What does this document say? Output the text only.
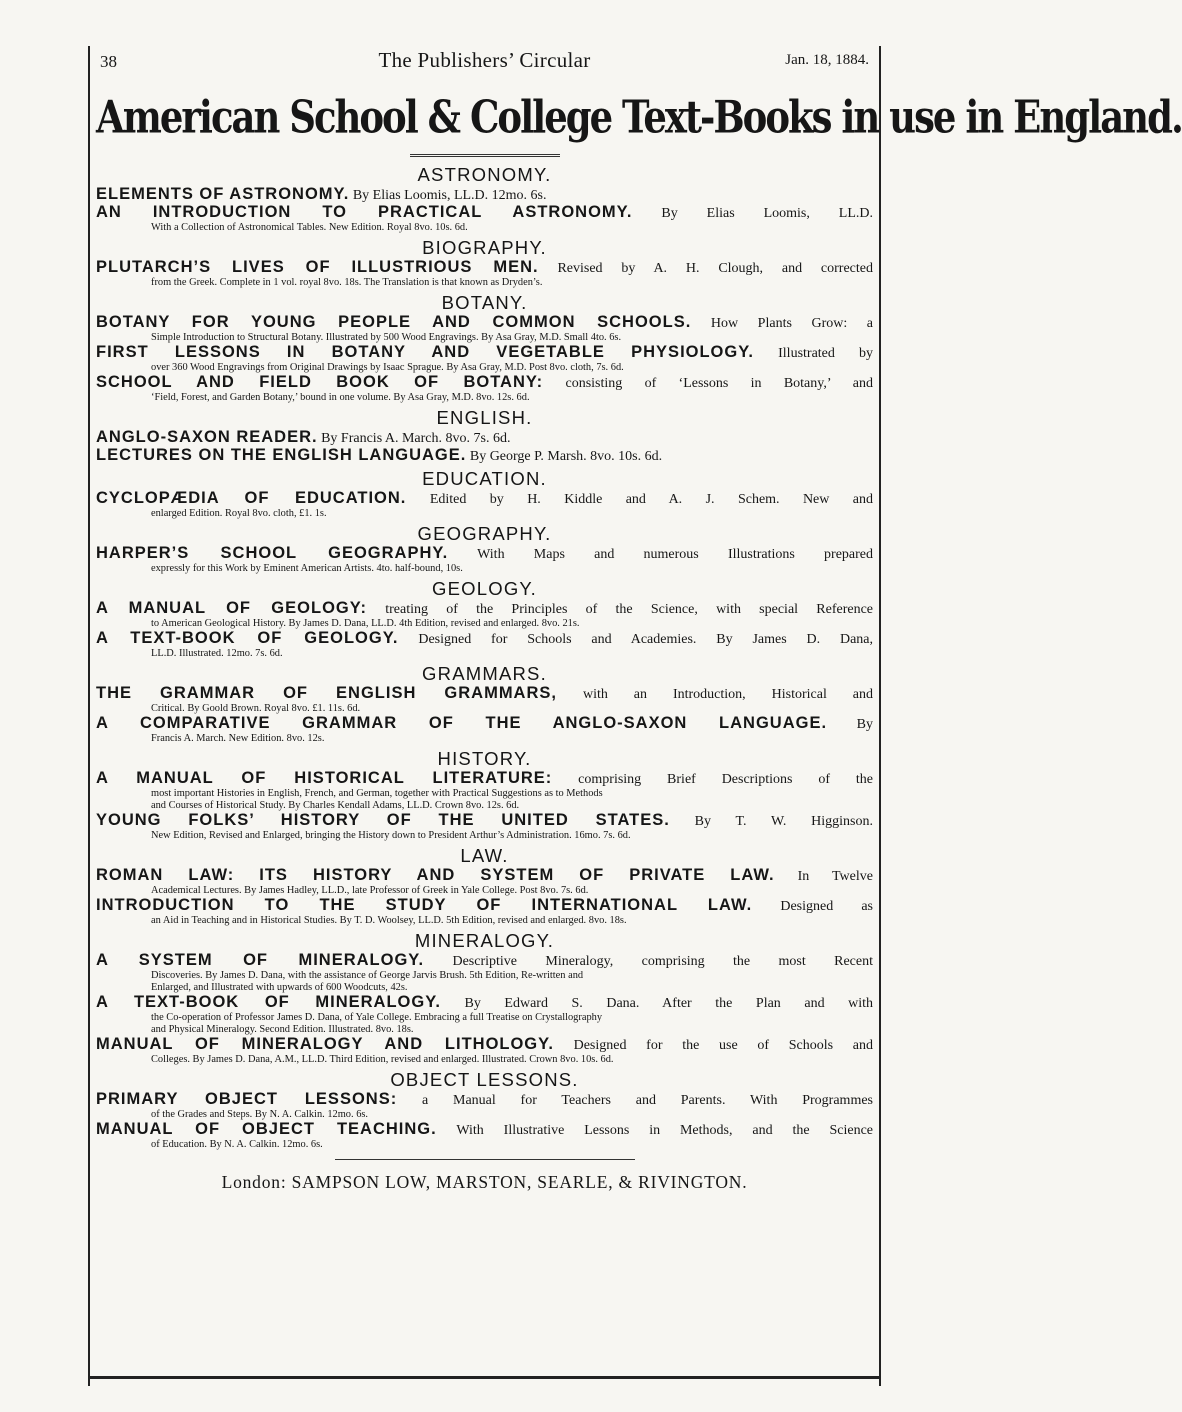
38	The Publishers’ Circular	Jan. 18, 1884.
American School & College Text-Books in use in England.
ASTRONOMY.
ELEMENTS OF ASTRONOMY. By Elias Loomis, LL.D. 12mo. 6s.
AN INTRODUCTION TO PRACTICAL ASTRONOMY. By Elias Loomis, LL.D.
With a Collection of Astronomical Tables. New Edition. Royal 8vo. 10s. 6d.
BIOGRAPHY.
PLUTARCH’S LIVES OF ILLUSTRIOUS MEN. Revised by A. H. Clough, and corrected
from the Greek. Complete in 1 vol. royal 8vo. 18s. The Translation is that known as Dryden’s.
BOTANY.
BOTANY FOR YOUNG PEOPLE AND COMMON SCHOOLS. How Plants Grow: a
Simple Introduction to Structural Botany. Illustrated by 500 Wood Engravings. By Asa Gray, M.D. Small 4to. 6s.
FIRST LESSONS IN BOTANY AND VEGETABLE PHYSIOLOGY. Illustrated by
over 360 Wood Engravings from Original Drawings by Isaac Sprague. By Asa Gray, M.D. Post 8vo. cloth, 7s. 6d.
SCHOOL AND FIELD BOOK OF BOTANY: consisting of ‘Lessons in Botany,’ and
‘Field, Forest, and Garden Botany,’ bound in one volume. By Asa Gray, M.D. 8vo. 12s. 6d.
ENGLISH.
ANGLO-SAXON READER. By Francis A. March. 8vo. 7s. 6d.
LECTURES ON THE ENGLISH LANGUAGE. By George P. Marsh. 8vo. 10s. 6d.
EDUCATION.
CYCLOPÆDIA OF EDUCATION. Edited by H. Kiddle and A. J. Schem. New and
enlarged Edition. Royal 8vo. cloth, £1. 1s.
GEOGRAPHY.
HARPER’S SCHOOL GEOGRAPHY. With Maps and numerous Illustrations prepared
expressly for this Work by Eminent American Artists. 4to. half-bound, 10s.
GEOLOGY.
A MANUAL OF GEOLOGY: treating of the Principles of the Science, with special Reference
to American Geological History. By James D. Dana, LL.D. 4th Edition, revised and enlarged. 8vo. 21s.
A TEXT-BOOK OF GEOLOGY. Designed for Schools and Academies. By James D. Dana,
LL.D. Illustrated. 12mo. 7s. 6d.
GRAMMARS.
THE GRAMMAR OF ENGLISH GRAMMARS, with an Introduction, Historical and
Critical. By Goold Brown. Royal 8vo. £1. 11s. 6d.
A COMPARATIVE GRAMMAR OF THE ANGLO-SAXON LANGUAGE. By
Francis A. March. New Edition. 8vo. 12s.
HISTORY.
A MANUAL OF HISTORICAL LITERATURE: comprising Brief Descriptions of the
most important Histories in English, French, and German, together with Practical Suggestions as to Methods
and Courses of Historical Study. By Charles Kendall Adams, LL.D. Crown 8vo. 12s. 6d.
YOUNG FOLKS’ HISTORY OF THE UNITED STATES. By T. W. Higginson.
New Edition, Revised and Enlarged, bringing the History down to President Arthur’s Administration. 16mo. 7s. 6d.
LAW.
ROMAN LAW: ITS HISTORY AND SYSTEM OF PRIVATE LAW. In Twelve
Academical Lectures. By James Hadley, LL.D., late Professor of Greek in Yale College. Post 8vo. 7s. 6d.
INTRODUCTION TO THE STUDY OF INTERNATIONAL LAW. Designed as
an Aid in Teaching and in Historical Studies. By T. D. Woolsey, LL.D. 5th Edition, revised and enlarged. 8vo. 18s.
MINERALOGY.
A SYSTEM OF MINERALOGY. Descriptive Mineralogy, comprising the most Recent
Discoveries. By James D. Dana, with the assistance of George Jarvis Brush. 5th Edition, Re-written and
Enlarged, and Illustrated with upwards of 600 Woodcuts, 42s.
A TEXT-BOOK OF MINERALOGY. By Edward S. Dana. After the Plan and with
the Co-operation of Professor James D. Dana, of Yale College. Embracing a full Treatise on Crystallography
and Physical Mineralogy. Second Edition. Illustrated. 8vo. 18s.
MANUAL OF MINERALOGY AND LITHOLOGY. Designed for the use of Schools and
Colleges. By James D. Dana, A.M., LL.D. Third Edition, revised and enlarged. Illustrated. Crown 8vo. 10s. 6d.
OBJECT LESSONS.
PRIMARY OBJECT LESSONS: a Manual for Teachers and Parents. With Programmes
of the Grades and Steps. By N. A. Calkin. 12mo. 6s.
MANUAL OF OBJECT TEACHING. With Illustrative Lessons in Methods, and the Science
of Education. By N. A. Calkin. 12mo. 6s.
London: SAMPSON LOW, MARSTON, SEARLE, & RIVINGTON.
